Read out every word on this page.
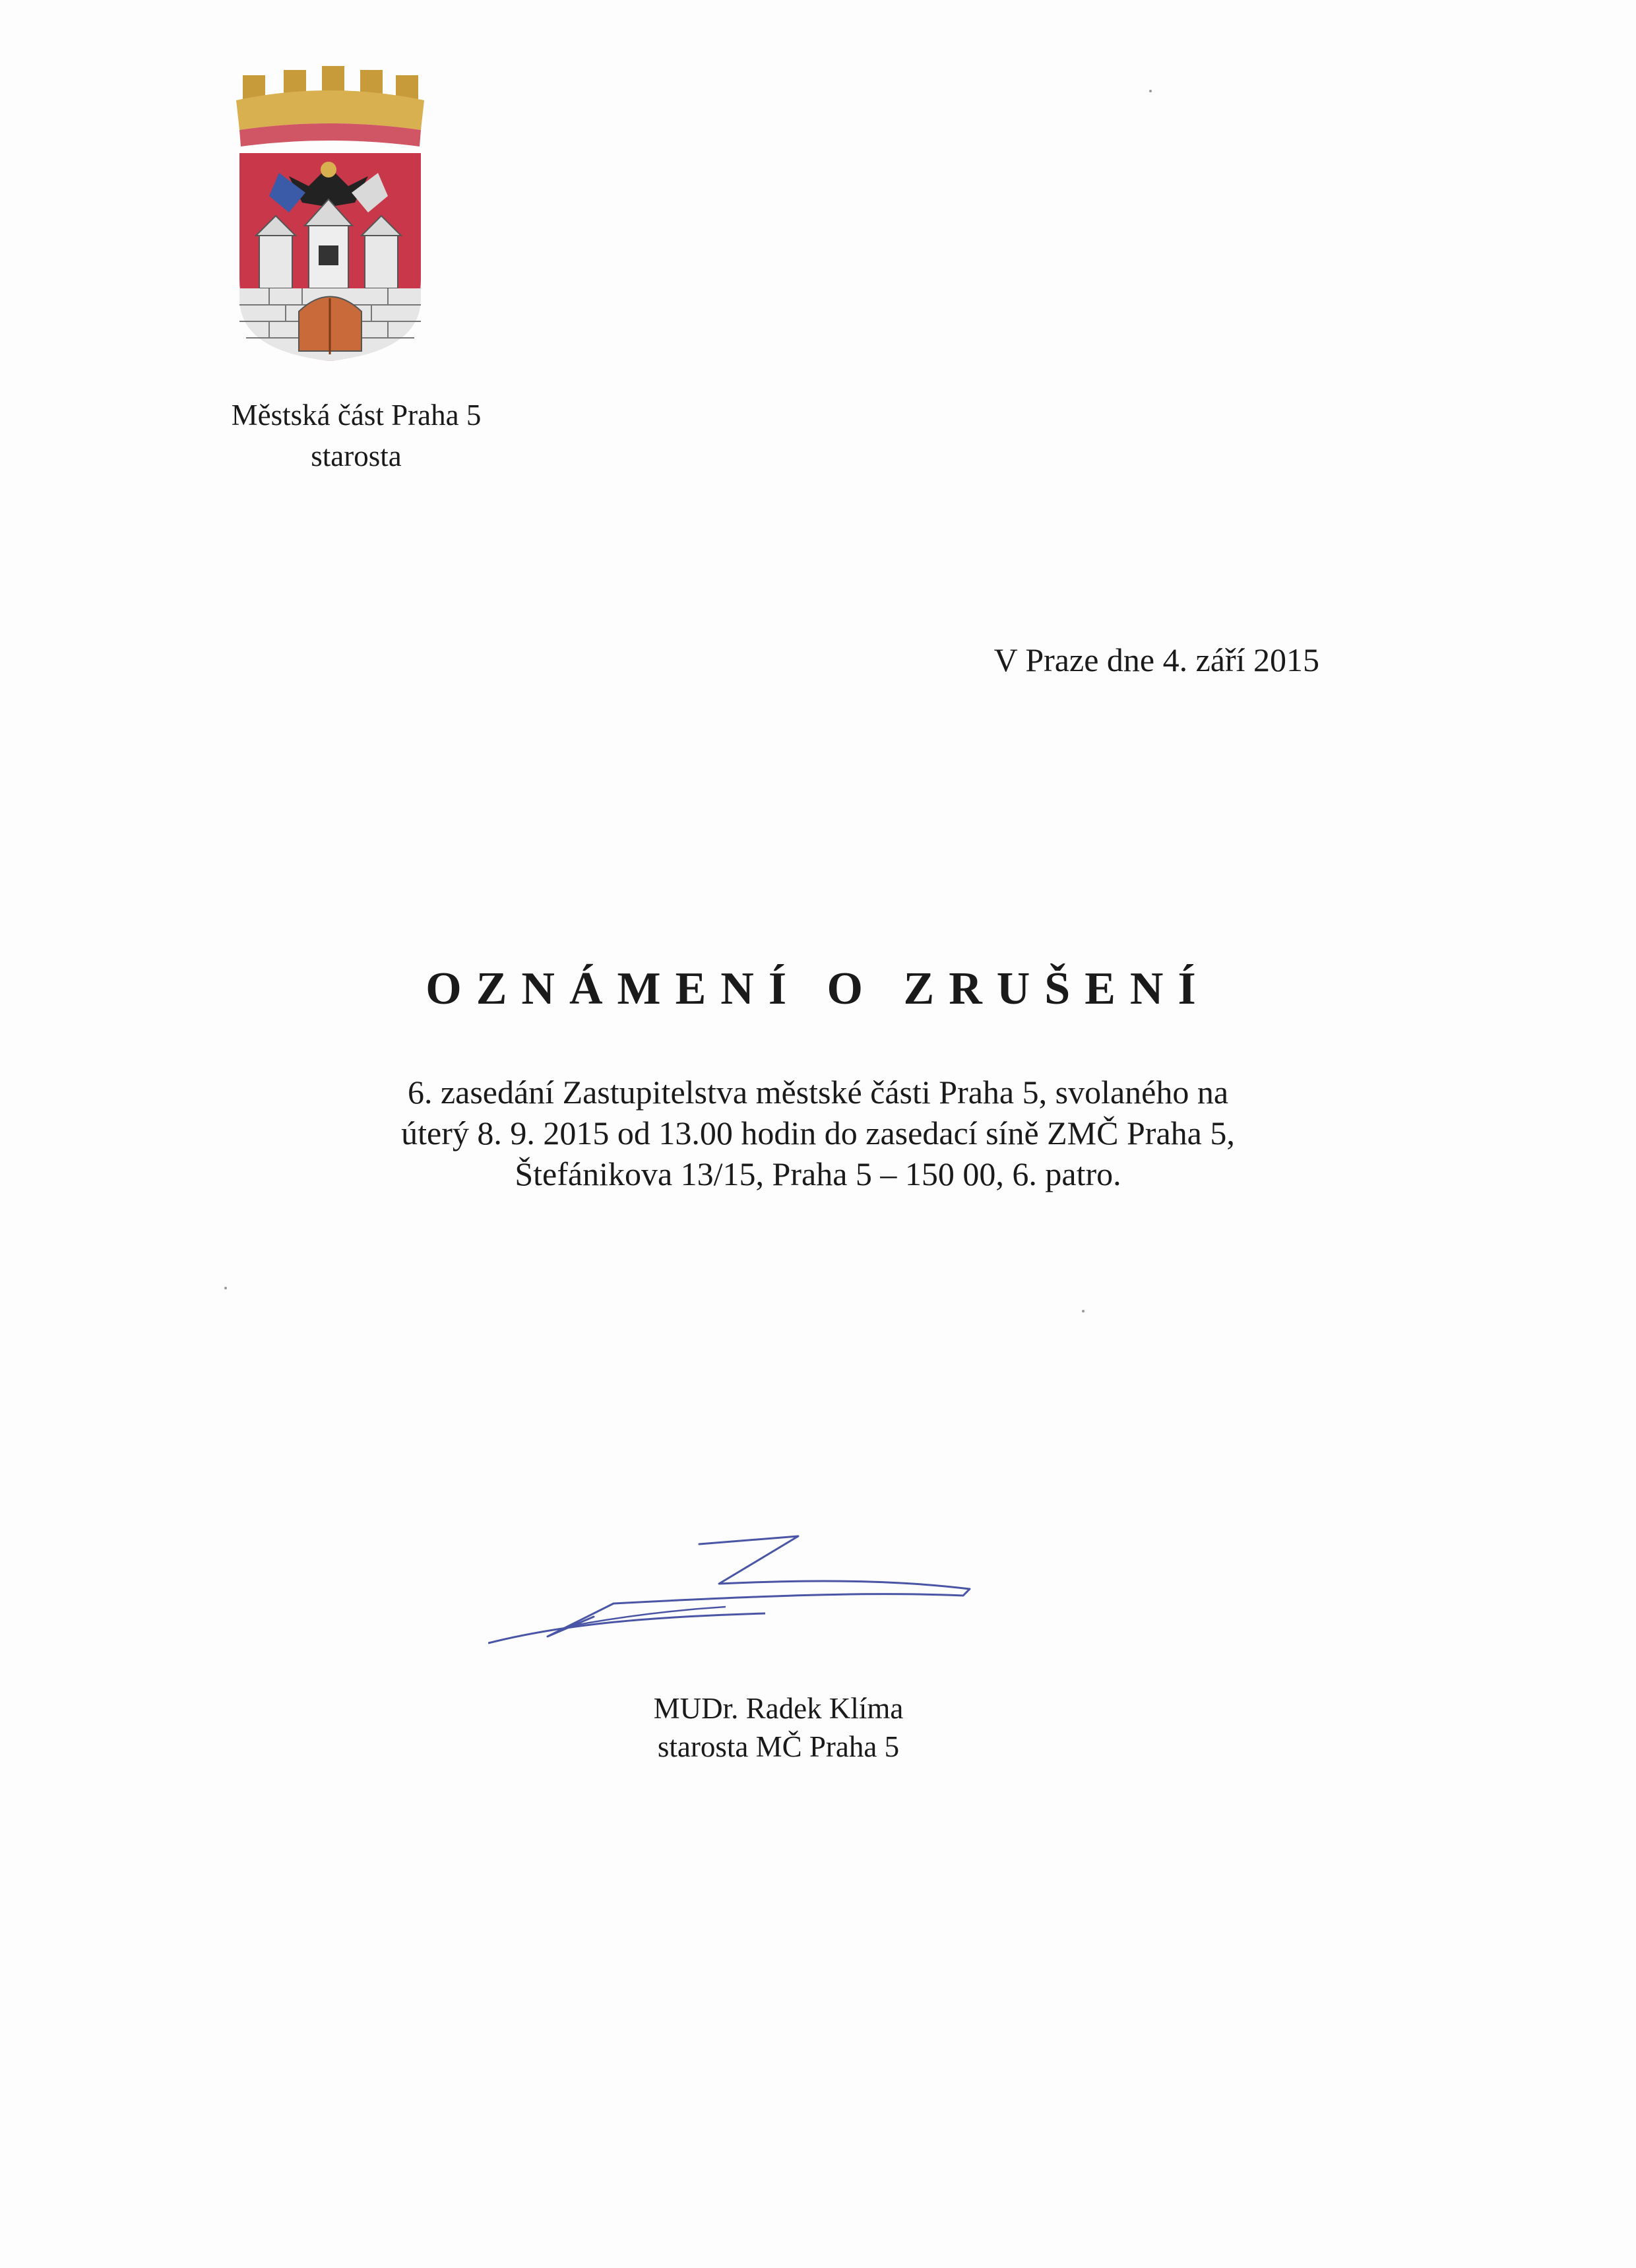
Městská část Praha 5
starosta
V Praze dne 4. září 2015
OZNÁMENÍ O ZRUŠENÍ
6. zasedání Zastupitelstva městské části Praha 5, svolaného na
úterý 8. 9. 2015 od 13.00 hodin do zasedací síně ZMČ Praha 5,
Štefánikova 13/15, Praha 5 – 150 00, 6. patro.
MUDr. Radek Klíma
starosta MČ Praha 5
